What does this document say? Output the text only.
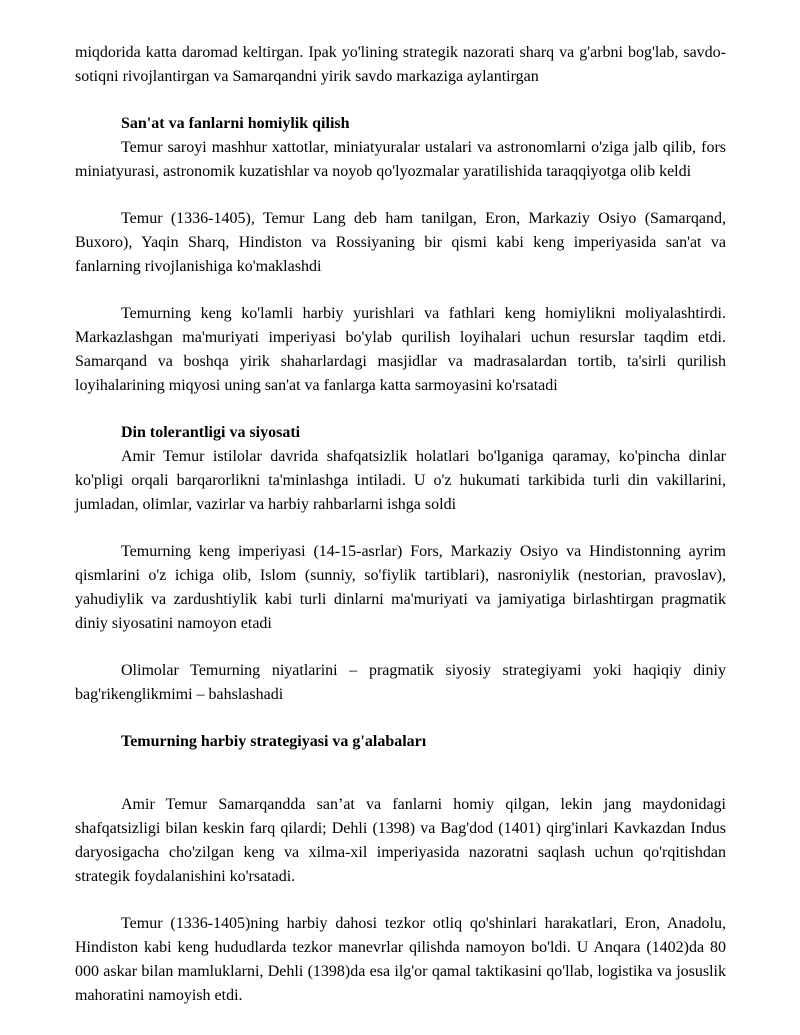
miqdorida katta daromad keltirgan. Ipak yo'lining strategik nazorati sharq va g'arbni bog'lab, savdo-sotiqni rivojlantirgan va Samarqandni yirik savdo markaziga aylantirgan

San'at va fanlarni homiylik qilish

Temur saroyi mashhur xattotlar, miniatyuralar ustalari va astronomlarni o'ziga jalb qilib, fors miniatyurasi, astronomik kuzatishlar va noyob qo'lyozmalar yaratilishida taraqqiyotga olib keldi

Temur (1336-1405), Temur Lang deb ham tanilgan, Eron, Markaziy Osiyo (Samarqand, Buxoro), Yaqin Sharq, Hindiston va Rossiyaning bir qismi kabi keng imperiyasida san'at va fanlarning rivojlanishiga ko'maklashdi

Temurning keng ko'lamli harbiy yurishlari va fathlari keng homiylikni moliyalashtirdi. Markazlashgan ma'muriyati imperiyasi bo'ylab qurilish loyihalari uchun resurslar taqdim etdi. Samarqand va boshqa yirik shaharlardagi masjidlar va madrasalardan tortib, ta'sirli qurilish loyihalarining miqyosi uning san'at va fanlarga katta sarmoyasini ko'rsatadi

Din tolerantligi va siyosati

Amir Temur istilolar davrida shafqatsizlik holatlari bo'lganiga qaramay, ko'pincha dinlar ko'pligi orqali barqarorlikni ta'minlashga intiladi. U o'z hukumati tarkibida turli din vakillarini, jumladan, olimlar, vazirlar va harbiy rahbarlarni ishga soldi

Temurning keng imperiyasi (14-15-asrlar) Fors, Markaziy Osiyo va Hindistonning ayrim qismlarini o'z ichiga olib, Islom (sunniy, so'fiylik tartiblari), nasroniylik (nestorian, pravoslav), yahudiylik va zardushtiylik kabi turli dinlarni ma'muriyati va jamiyatiga birlashtirgan pragmatik diniy siyosatini namoyon etadi

Olimolar Temurning niyatlarini – pragmatik siyosiy strategiyami yoki haqiqiy diniy bag'rikenglikmimi – bahslashadi

Temurning harbiy strategiyasi va g'alabaları

Amir Temur Samarqandda san’at va fanlarni homiy qilgan, lekin jang maydonidagi shafqatsizligi bilan keskin farq qilardi; Dehli (1398) va Bag'dod (1401) qirg'inlari Kavkazdan Indus daryosigacha cho'zilgan keng va xilma-xil imperiyasida nazoratni saqlash uchun qo'rqitishdan strategik foydalanishini ko'rsatadi.

Temur (1336-1405)ning harbiy dahosi tezkor otliq qo'shinlari harakatlari, Eron, Anadolu, Hindiston kabi keng hududlarda tezkor manevrlar qilishda namoyon bo'ldi. U Anqara (1402)da 80 000 askar bilan mamluklarni, Dehli (1398)da esa ilg'or qamal taktikasini qo'llab, logistika va josuslik mahoratini namoyish etdi.
